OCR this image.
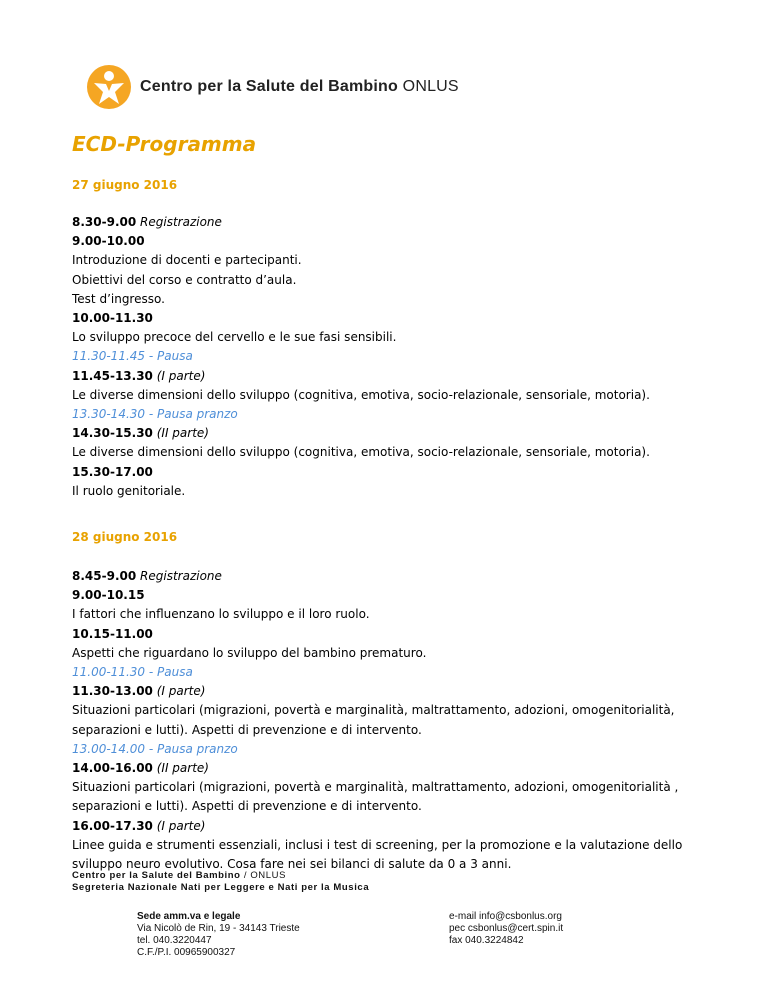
Centro per la Salute del Bambino ONLUS
ECD-Programma
27 giugno 2016
8.30-9.00 Registrazione
9.00-10.00
Introduzione di docenti e partecipanti.
Obiettivi del corso e contratto d’aula.
Test d’ingresso.
10.00-11.30
Lo sviluppo precoce del cervello e le sue fasi sensibili.
11.30-11.45 - Pausa
11.45-13.30 (I parte)
Le diverse dimensioni dello sviluppo (cognitiva, emotiva, socio-relazionale, sensoriale, motoria).
13.30-14.30 - Pausa pranzo
14.30-15.30 (II parte)
Le diverse dimensioni dello sviluppo (cognitiva, emotiva, socio-relazionale, sensoriale, motoria).
15.30-17.00
Il ruolo genitoriale.
28 giugno 2016
8.45-9.00 Registrazione
9.00-10.15
I fattori che influenzano lo sviluppo e il loro ruolo.
10.15-11.00
Aspetti che riguardano lo sviluppo del bambino prematuro.
11.00-11.30 - Pausa
11.30-13.00 (I parte)
Situazioni particolari (migrazioni, povertà e marginalità, maltrattamento, adozioni, omogenitorialità, separazioni e lutti). Aspetti di prevenzione e di intervento.
13.00-14.00 - Pausa pranzo
14.00-16.00 (II parte)
Situazioni particolari (migrazioni, povertà e marginalità, maltrattamento, adozioni, omogenitorialità , separazioni e lutti). Aspetti di prevenzione e di intervento.
16.00-17.30 (I parte)
Linee guida e strumenti essenziali, inclusi i test di screening, per la promozione e la valutazione dello sviluppo neuro evolutivo. Cosa fare nei sei bilanci di salute da 0 a 3 anni.
Centro per la Salute del Bambino / ONLUS
Segreteria Nazionale Nati per Leggere e Nati per la Musica
Sede amm.va e legale
Via Nicolò de Rin, 19 - 34143 Trieste
tel. 040.3220447
C.F./P.I. 00965900327
e-mail info@csbonlus.org
pec csbonlus@cert.spin.it
fax 040.3224842
